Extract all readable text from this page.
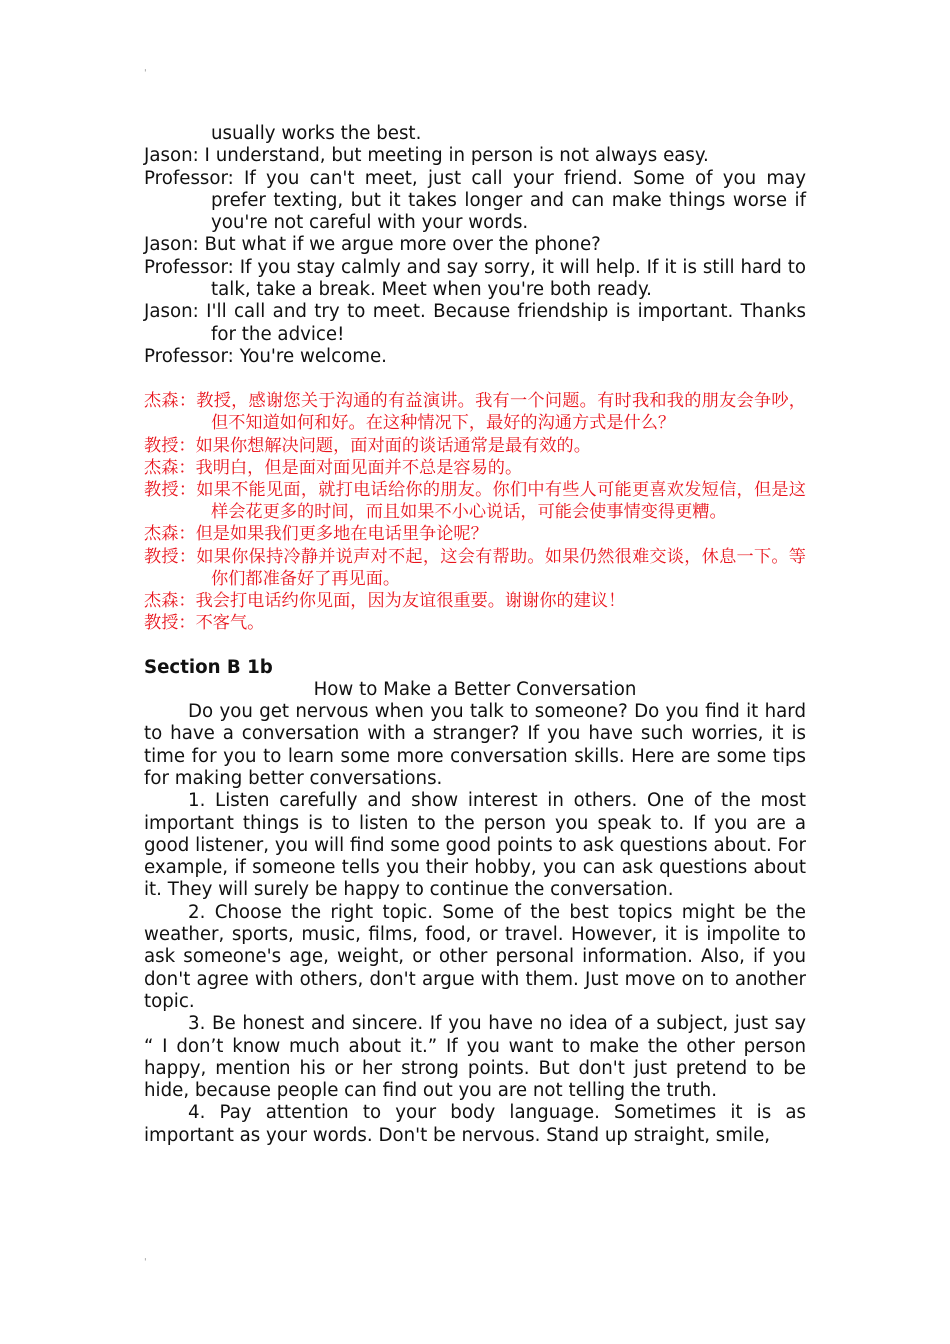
ˌ

usually works the best.

Jason: I understand, but meeting in person is not always easy.

Professor: If you can't meet, just call your friend. Some of you may prefer texting, but it takes longer and can make things worse if you're not careful with your words.

Jason: But what if we argue more over the phone?

Professor: If you stay calmly and say sorry, it will help. If it is still hard to talk, take a break. Meet when you're both ready.

Jason: I'll call and try to meet. Because friendship is important. Thanks for the advice!

Professor: You're welcome.

杰森：教授，感谢您关于沟通的有益演讲。我有一个问题。有时我和我的朋友会争吵，但不知道如何和好。在这种情况下，最好的沟通方式是什么？

教授：如果你想解决问题，面对面的谈话通常是最有效的。

杰森：我明白，但是面对面见面并不总是容易的。

教授：如果不能见面，就打电话给你的朋友。你们中有些人可能更喜欢发短信，但是这样会花更多的时间，而且如果不小心说话，可能会使事情变得更糟。

杰森：但是如果我们更多地在电话里争论呢？

教授：如果你保持冷静并说声对不起，这会有帮助。如果仍然很难交谈，休息一下。等你们都准备好了再见面。

杰森：我会打电话约你见面，因为友谊很重要。谢谢你的建议！

教授：不客气。

Section B 1b

How to Make a Better Conversation

Do you get nervous when you talk to someone? Do you find it hard to have a conversation with a stranger? If you have such worries, it is time for you to learn some more conversation skills. Here are some tips for making better conversations.

1. Listen carefully and show interest in others. One of the most important things is to listen to the person you speak to. If you are a good listener, you will find some good points to ask questions about. For example, if someone tells you their hobby, you can ask questions about it. They will surely be happy to continue the conversation.

2. Choose the right topic. Some of the best topics might be the weather, sports, music, films, food, or travel. However, it is impolite to ask someone's age, weight, or other personal information. Also, if you don't agree with others, don't argue with them. Just move on to another topic.

3. Be honest and sincere. If you have no idea of a subject, just say “ I don’t know much about it.” If you want to make the other person happy, mention his or her strong points. But don't just pretend to be hide, because people can find out you are not telling the truth.

4. Pay attention to your body language. Sometimes it is as important as your words. Don't be nervous. Stand up straight, smile,

ˌ
